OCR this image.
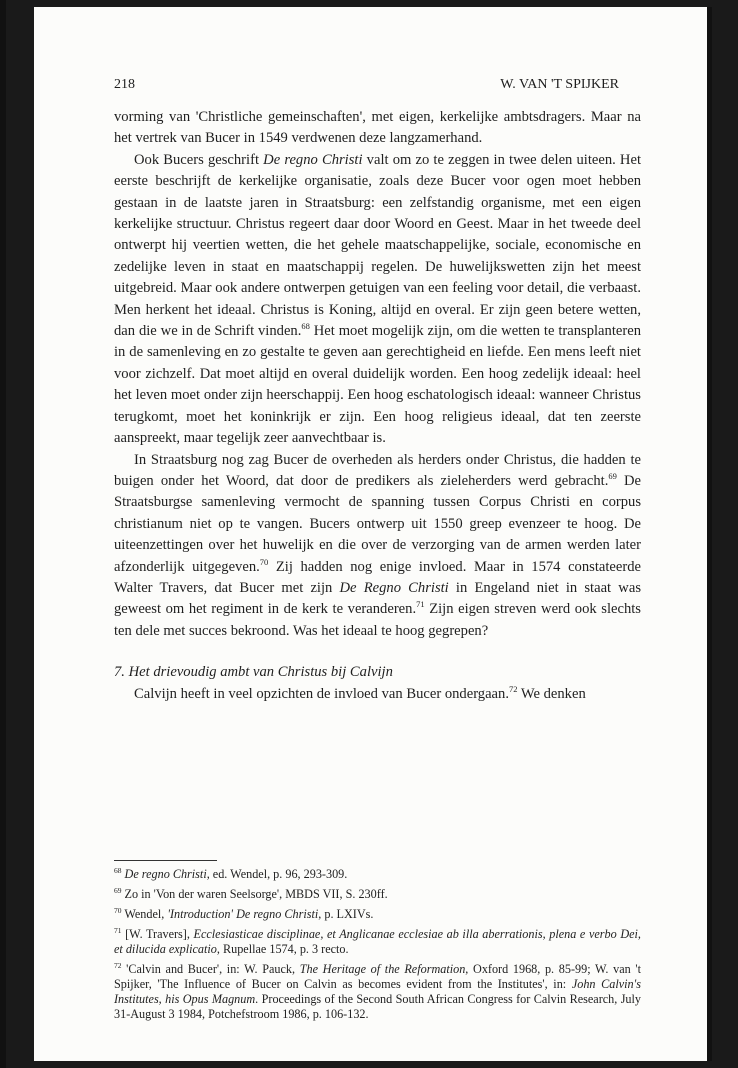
218	W. VAN 'T SPIJKER

vorming van 'Christliche gemeinschaften', met eigen, kerkelijke ambtsdragers. Maar na het vertrek van Bucer in 1549 verdwenen deze langzamerhand.

Ook Bucers geschrift De regno Christi valt om zo te zeggen in twee delen uiteen. Het eerste beschrijft de kerkelijke organisatie, zoals deze Bucer voor ogen moet hebben gestaan in de laatste jaren in Straatsburg: een zelfstandig organisme, met een eigen kerkelijke structuur. Christus regeert daar door Woord en Geest. Maar in het tweede deel ontwerpt hij veertien wetten, die het gehele maatschappelijke, sociale, economische en zedelijke leven in staat en maatschappij regelen. De huwelijkswetten zijn het meest uitgebreid. Maar ook andere ontwerpen getuigen van een feeling voor detail, die verbaast. Men herkent het ideaal. Christus is Koning, altijd en overal. Er zijn geen betere wetten, dan die we in de Schrift vinden.$^{68}$ Het moet mogelijk zijn, om die wetten te transplanteren in de samenleving en zo gestalte te geven aan gerechtigheid en liefde. Een mens leeft niet voor zichzelf. Dat moet altijd en overal duidelijk worden. Een hoog zedelijk ideaal: heel het leven moet onder zijn heerschappij. Een hoog eschatologisch ideaal: wanneer Christus terugkomt, moet het koninkrijk er zijn. Een hoog religieus ideaal, dat ten zeerste aanspreekt, maar tegelijk zeer aanvechtbaar is.

In Straatsburg nog zag Bucer de overheden als herders onder Christus, die hadden te buigen onder het Woord, dat door de predikers als zieleherders werd gebracht.$^{69}$ De Straatsburgse samenleving vermocht de spanning tussen Corpus Christi en corpus christianum niet op te vangen. Bucers ontwerp uit 1550 greep evenzeer te hoog. De uiteenzettingen over het huwelijk en die over de verzorging van de armen werden later afzonderlijk uitgegeven.$^{70}$ Zij hadden nog enige invloed. Maar in 1574 constateerde Walter Travers, dat Bucer met zijn De Regno Christi in Engeland niet in staat was geweest om het regiment in de kerk te veranderen.$^{71}$ Zijn eigen streven werd ook slechts ten dele met succes bekroond. Was het ideaal te hoog gegrepen?

7. Het drievoudig ambt van Christus bij Calvijn

Calvijn heeft in veel opzichten de invloed van Bucer ondergaan.$^{72}$ We denken

$^{68}$ De regno Christi, ed. Wendel, p. 96, 293-309.

$^{69}$ Zo in 'Von der waren Seelsorge', MBDS VII, S. 230ff.

$^{70}$ Wendel, 'Introduction' De regno Christi, p. LXIVs.

$^{71}$ [W. Travers], Ecclesiasticae disciplinae, et Anglicanae ecclesiae ab illa aberrationis, plena e verbo Dei, et dilucida explicatio, Rupellae 1574, p. 3 recto.

$^{72}$ 'Calvin and Bucer', in: W. Pauck, The Heritage of the Reformation, Oxford 1968, p. 85-99; W. van 't Spijker, 'The Influence of Bucer on Calvin as becomes evident from the Institutes', in: John Calvin's Institutes, his Opus Magnum. Proceedings of the Second South African Congress for Calvin Research, July 31-August 3 1984, Potchefstroom 1986, p. 106-132.
